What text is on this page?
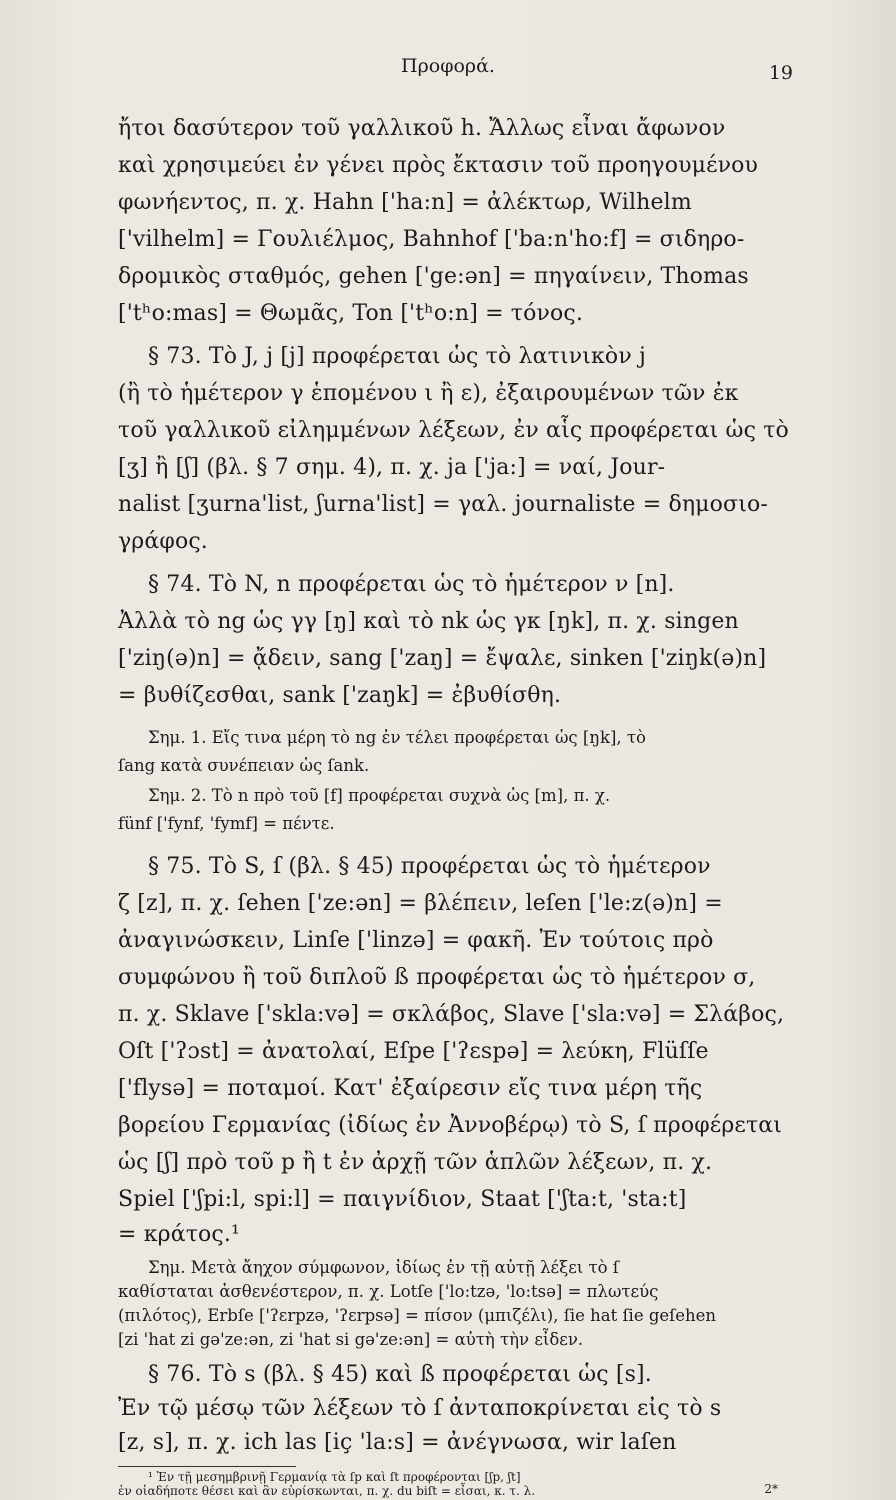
Προφορά.	19
ἤτοι δασύτερον τοῦ γαλλικοῦ h. Ἄλλως εἶναι ἄφωνον
καὶ χρησιμεύει ἐν γένει πρὸς ἔκτασιν τοῦ προηγουμένου
φωνήεντος, π. χ. Hahn ['ha:n] = ἀλέκτωρ, Wilhelm
['vilhelm] = Γουλιέλμος, Bahnhof ['ba:n'ho:f] = σιδηρο-
δρομικὸς σταθμός, gehen ['ge:ən] = πηγαίνειν, Thomas
['tʰo:mas] = Θωμᾶς, Ton ['tʰo:n] = τόνος.
§ 73. Τὸ J, j [j] προφέρεται ὡς τὸ λατινικὸν j
(ἢ τὸ ἡμέτερον γ ἑπομένου ι ἢ ε), ἐξαιρουμένων τῶν ἐκ
τοῦ γαλλικοῦ εἰλημμένων λέξεων, ἐν αἷς προφέρεται ὡς τὸ
[ʒ] ἢ [ʃ] (βλ. § 7 σημ. 4), π. χ. ja ['ja:] = ναί, Jour-
nalist [ʒurna'list, ʃurna'list] = γαλ. journaliste = δημοσιο-
γράφος.
§ 74. Τὸ N, n προφέρεται ὡς τὸ ἡμέτερον ν [n].
Ἀλλὰ τὸ ng ὡς γγ [ŋ] καὶ τὸ nk ὡς γκ [ŋk], π. χ. singen
['ziŋ(ə)n] = ᾄδειν, sang ['zaŋ] = ἔψαλε, sinken ['ziŋk(ə)n]
= βυθίζεσθαι, sank ['zaŋk] = ἐβυθίσθη.
Σημ. 1. Εἴς τινα μέρη τὸ ng ἐν τέλει προφέρεται ὡς [ŋk], τὸ
ſang κατὰ συνέπειαν ὡς ſank.
Σημ. 2. Τὸ n πρὸ τοῦ [f] προφέρεται συχνὰ ὡς [m], π. χ.
fünf ['fynf, 'fymf] = πέντε.
§ 75. Τὸ S, ſ (βλ. § 45) προφέρεται ὡς τὸ ἡμέτερον
ζ [z], π. χ. ſehen ['ze:ən] = βλέπειν, leſen ['le:z(ə)n] =
ἀναγινώσκειν, Linſe ['linzə] = φακῆ. Ἐν τούτοις πρὸ
συμφώνου ἢ τοῦ διπλοῦ ß προφέρεται ὡς τὸ ἡμέτερον σ,
π. χ. Sklave ['skla:və] = σκλάβος, Slave ['sla:və] = Σλάβος,
Oſt ['ʔɔst] = ἀνατολαί, Eſpe ['ʔɛspə] = λεύκη, Flüſſe
['flysə] = ποταμοί. Κατ' ἐξαίρεσιν εἴς τινα μέρη τῆς
βορείου Γερμανίας (ἰδίως ἐν Ἀννοβέρῳ) τὸ S, ſ προφέρεται
ὡς [ʃ] πρὸ τοῦ p ἢ t ἐν ἀρχῇ τῶν ἁπλῶν λέξεων, π. χ.
Spiel ['ʃpi:l, spi:l] = παιγνίδιον, Staat ['ʃta:t, 'sta:t]
= κράτος.¹
Σημ. Μετὰ ἄηχον σύμφωνον, ἰδίως ἐν τῇ αὐτῇ λέξει τὸ ſ
καθίσταται ἀσθενέστερον, π. χ. Lotſe ['lo:tzə, 'lo:tsə] = πλωτεύς
(πιλότος), Erbſe ['ʔɛrpzə, 'ʔɛrpsə] = πίσον (μπιζέλι), ſie hat ſie geſehen
[zi 'hat zi gə'ze:ən, zi 'hat si gə'ze:ən] = αὐτὴ τὴν εἶδεν.
§ 76. Τὸ s (βλ. § 45) καὶ ß προφέρεται ὡς [s].
Ἐν τῷ μέσῳ τῶν λέξεων τὸ ſ ἀνταποκρίνεται εἰς τὸ s
[z, s], π. χ. ich las [iç 'la:s] = ἀνέγνωσα, wir laſen
¹ Ἐν τῇ μεσημβρινῇ Γερμανίᾳ τὰ ſp καὶ ſt προφέρονται [ʃp, ʃt]
ἐν οἱαδήποτε θέσει καὶ ἂν εὑρίσκωνται, π. χ. du biſt = εἶσαι, κ. τ. λ.	2*
